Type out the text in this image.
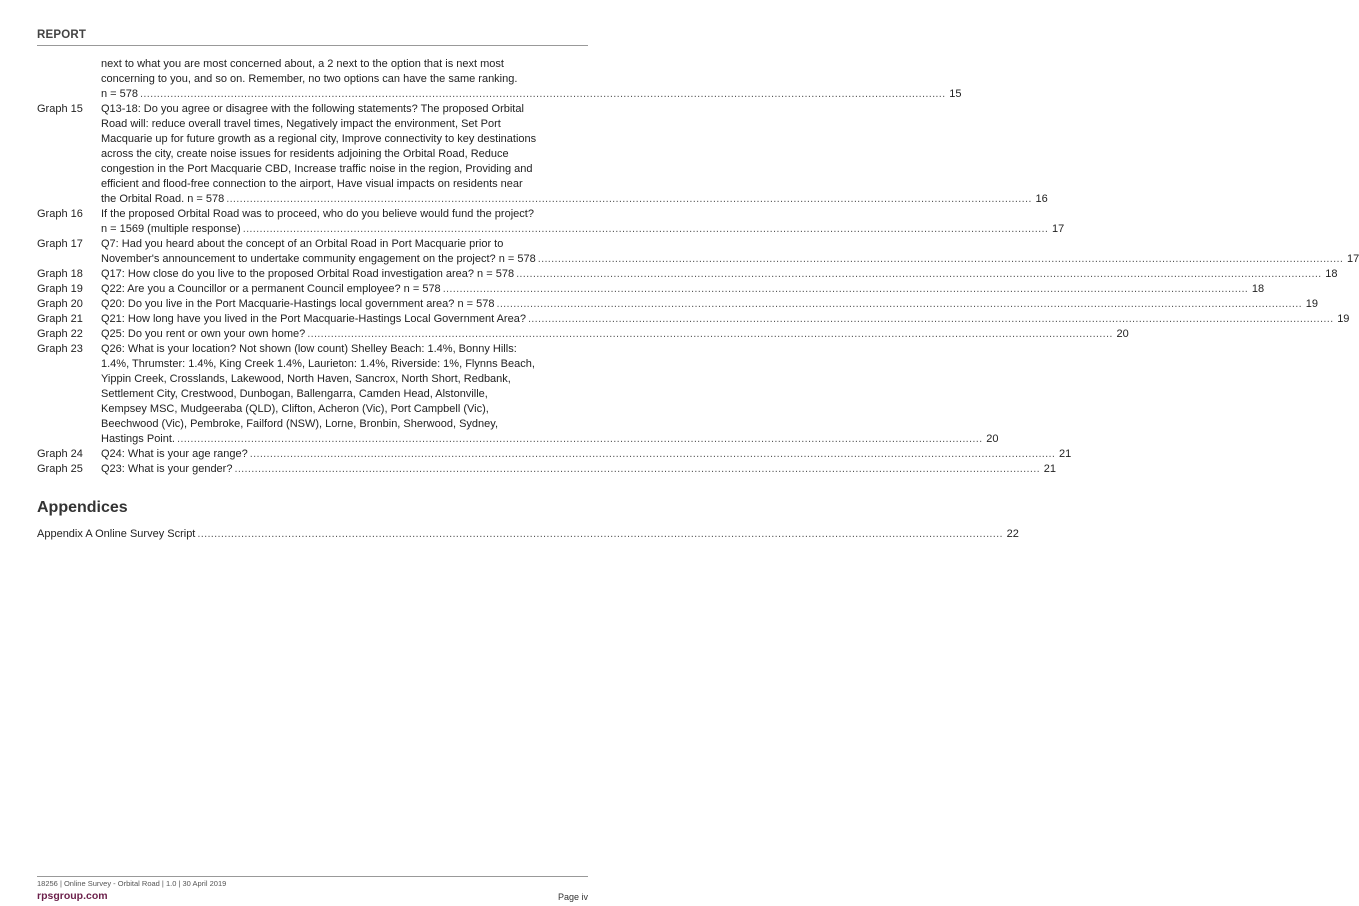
REPORT
next to what you are most concerned about, a 2 next to the option that is next most
concerning to you, and so on. Remember, no two options can have the same ranking.
n = 578 .....	15
Graph 15	Q13-18: Do you agree or disagree with the following statements? The proposed Orbital
Road will: reduce overall travel times, Negatively impact the environment, Set Port
Macquarie up for future growth as a regional city, Improve connectivity to key destinations
across the city, create noise issues for residents adjoining the Orbital Road, Reduce
congestion in the Port Macquarie CBD, Increase traffic noise in the region, Providing and
efficient and flood-free connection to the airport, Have visual impacts on residents near
the Orbital Road. n = 578 .....	16
Graph 16	If the proposed Orbital Road was to proceed, who do you believe would fund the project?
n = 1569 (multiple response) .....	17
Graph 17	Q7: Had you heard about the concept of an Orbital Road in Port Macquarie prior to
November's announcement to undertake community engagement on the project? n = 578 .....	17
Graph 18	Q17: How close do you live to the proposed Orbital Road investigation area? n = 578 .....	18
Graph 19	Q22: Are you a Councillor or a permanent Council employee? n = 578 .....	18
Graph 20	Q20: Do you live in the Port Macquarie-Hastings local government area? n = 578 .....	19
Graph 21	Q21: How long have you lived in the Port Macquarie-Hastings Local Government Area? .....	19
Graph 22	Q25: Do you rent or own your own home? .....	20
Graph 23	Q26: What is your location? Not shown (low count) Shelley Beach: 1.4%, Bonny Hills:
1.4%, Thrumster: 1.4%, King Creek 1.4%, Laurieton: 1.4%, Riverside: 1%, Flynns Beach,
Yippin Creek, Crosslands, Lakewood, North Haven, Sancrox, North Short, Redbank,
Settlement City, Crestwood, Dunbogan, Ballengarra, Camden Head, Alstonville,
Kempsey MSC, Mudgeeraba (QLD), Clifton, Acheron (Vic), Port Campbell (Vic),
Beechwood (Vic), Pembroke, Failford (NSW), Lorne, Bronbin, Sherwood, Sydney,
Hastings Point. .....	20
Graph 24	Q24: What is your age range? .....	21
Graph 25	Q23: What is your gender? .....	21
Appendices
Appendix A Online Survey Script .....	22
18256 | Online Survey - Orbital Road | 1.0 | 30 April 2019
rpsgroup.com	Page iv
